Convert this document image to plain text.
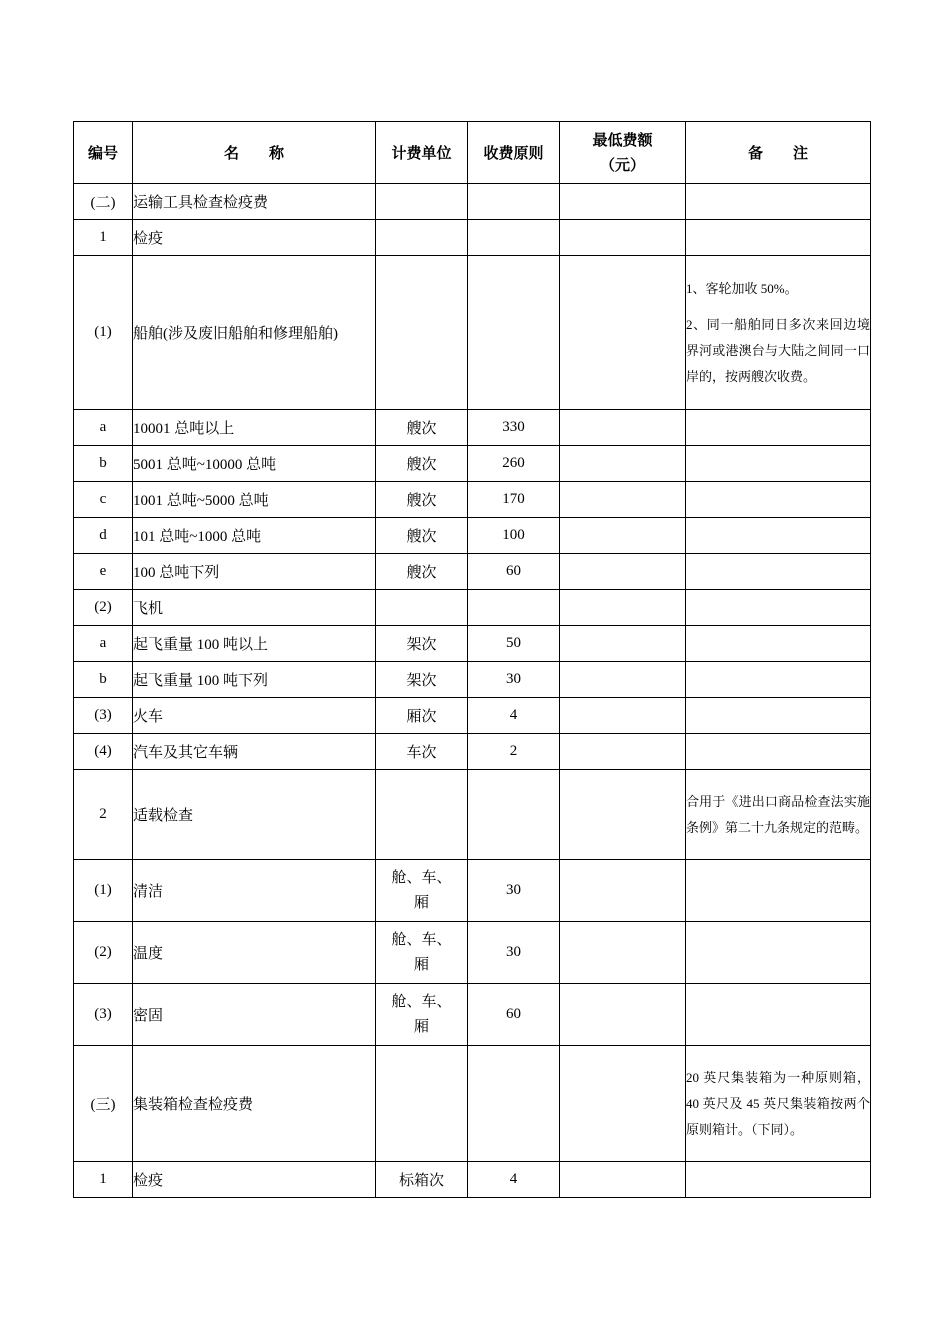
编号	名　　称	计费单位	收费原则	最低费额
（元）	备　　注
(二)	运输工具检查检疫费				
1	检疫				
(1)	船舶(涉及废旧船舶和修理船舶)				1、客轮加收 50%。

2、同一船舶同日多次来回边境界河或港澳台与大陆之间同一口岸的，按两艘次收费。

a	10001 总吨以上	艘次	330		
b	5001 总吨~10000 总吨	艘次	260		
c	1001 总吨~5000 总吨	艘次	170		
d	101 总吨~1000 总吨	艘次	100		
e	100 总吨下列	艘次	60		
(2)	飞机				
a	起飞重量 100 吨以上	架次	50		
b	起飞重量 100 吨下列	架次	30		
(3)	火车	厢次	4		
(4)	汽车及其它车辆	车次	2		
2	适载检查				合用于《进出口商品检查法实施条例》第二十九条规定的范畴。
(1)	清洁	舱、车、
厢	30		
(2)	温度	舱、车、
厢	30		
(3)	密固	舱、车、
厢	60		
(三)	集装箱检查检疫费				20 英尺集装箱为一种原则箱，40 英尺及 45 英尺集装箱按两个原则箱计。（下同）。
1	检疫	标箱次	4		
